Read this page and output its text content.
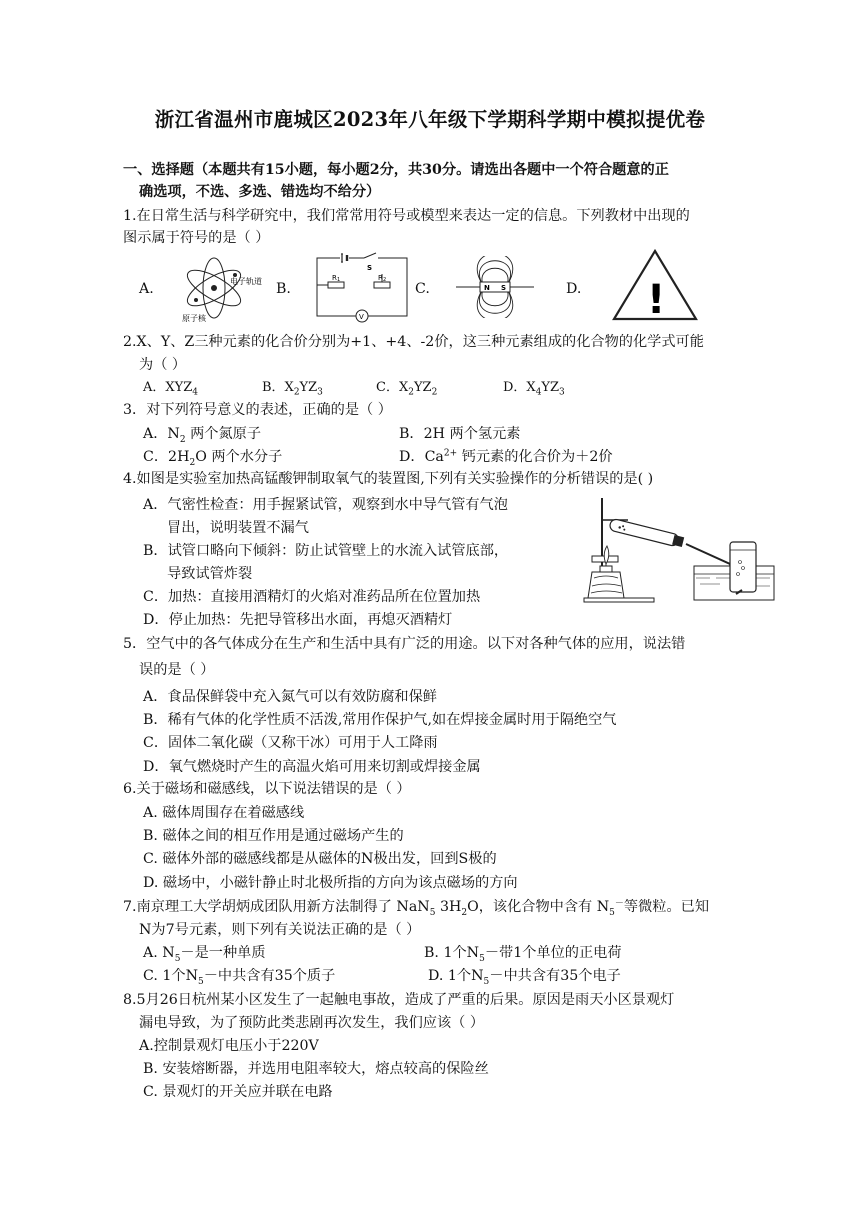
浙江省温州市鹿城区2023年八年级下学期科学期中模拟提优卷
一、选择题（本题共有15小题，每小题2分，共30分。请选出各题中一个符合题意的正
确选项，不选、多选、错选均不给分）
1.在日常生活与科学研究中，我们常常用符号或模型来表达一定的信息。下列教材中出现的
图示属于符号的是（ ）
A.	电子轨道
原子核
B.
S
R 1	R 2
V
C.	N S	D. !
2.X、Y、Z三种元素的化合价分别为+1、+4、-2价，这三种元素组成的化合物的化学式可能
为（ ）
A．$XYZ_4$	B．$X_2YZ_3$	C．$X_2YZ_2$	D．$X_4YZ_3$
3．对下列符号意义的表述，正确的是（ ）
A．$N_2$ 两个氮原子	B．2H 两个氢元素
C．$2H_2O$ 两个水分子	D．$Ca^{2+}$ 钙元素的化合价为＋2价
4.如图是实验室加热高锰酸钾制取氧气的装置图,下列有关实验操作的分析错误的是( )
A．气密性检查：用手握紧试管，观察到水中导气管有气泡
冒出，说明装置不漏气
B．试管口略向下倾斜：防止试管壁上的水流入试管底部，
导致试管炸裂
C．加热：直接用酒精灯的火焰对准药品所在位置加热
D．停止加热：先把导管移出水面，再熄灭酒精灯
5．空气中的各气体成分在生产和生活中具有广泛的用途。以下对各种气体的应用，说法错
误的是（ ）
A．食品保鲜袋中充入氮气可以有效防腐和保鲜
B．稀有气体的化学性质不活泼,常用作保护气,如在焊接金属时用于隔绝空气
C．固体二氧化碳（又称干冰）可用于人工降雨
D．氧气燃烧时产生的高温火焰可用来切割或焊接金属
6.关于磁场和磁感线，以下说法错误的是（ ）
A. 磁体周围存在着磁感线
B. 磁体之间的相互作用是通过磁场产生的
C. 磁体外部的磁感线都是从磁体的N极出发，回到S极的
D. 磁场中，小磁针静止时北极所指的方向为该点磁场的方向
7.南京理工大学胡炳成团队用新方法制得了 NaN$_5$ $3H_2O$，该化合物中含有 $N_5^-$等微粒。已知
N为7号元素，则下列有关说法正确的是（ ）
A. $N_5-$是一种单质	B. 1个$N_5-$带1个单位的正电荷
C. 1个$N_5-$中共含有35个质子	D. 1个$N_5-$中共含有35个电子
8.5月26日杭州某小区发生了一起触电事故，造成了严重的后果。原因是雨天小区景观灯
漏电导致，为了预防此类悲剧再次发生，我们应该（ ）
A.控制景观灯电压小于220V
B. 安装熔断器，并选用电阻率较大，熔点较高的保险丝
C. 景观灯的开关应并联在电路
